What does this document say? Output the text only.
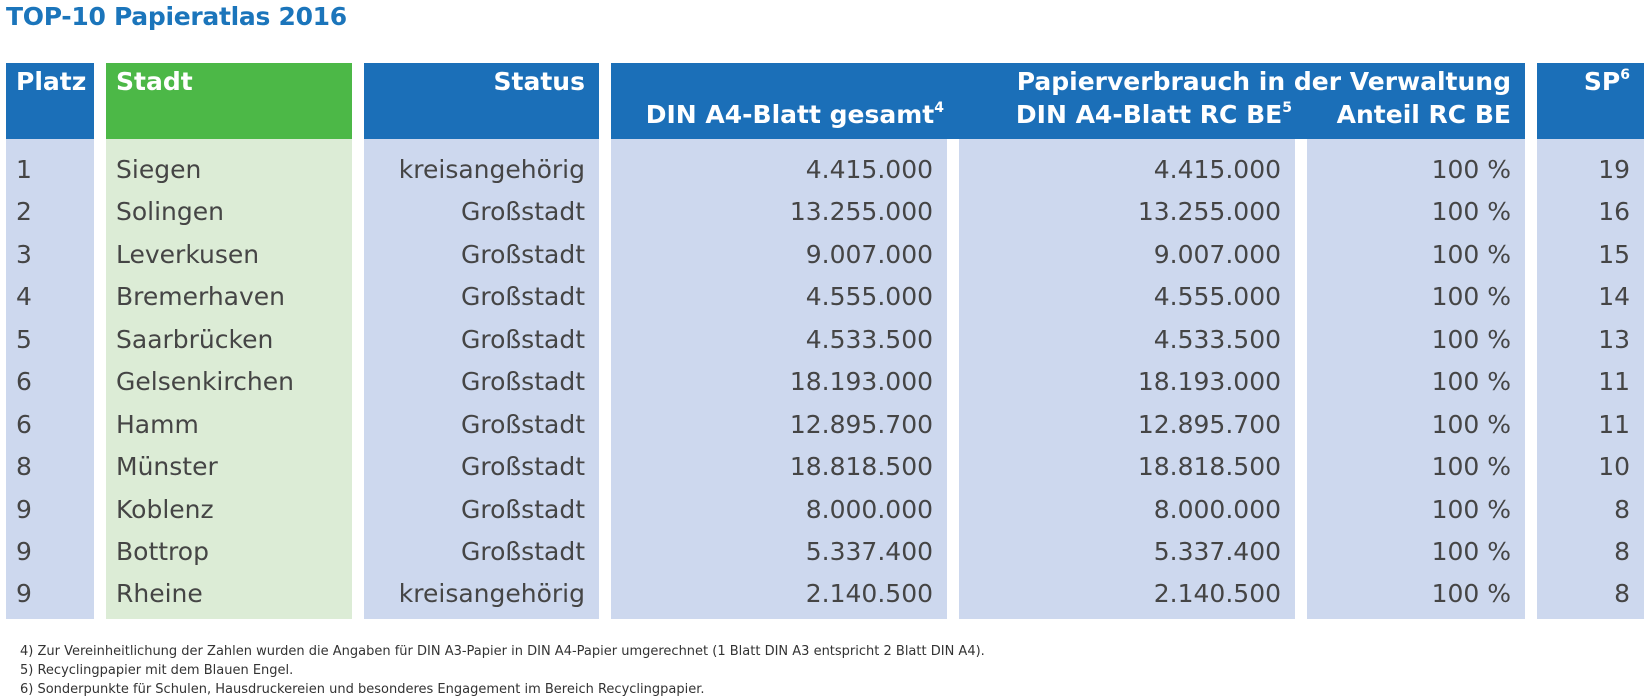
TOP-10 Papieratlas 2016
Platz
1
2
3
4
5
6
6
8
9
9
9
Stadt
Siegen
Solingen
Leverkusen
Bremerhaven
Saarbrücken
Gelsenkirchen
Hamm
Münster
Koblenz
Bottrop
Rheine
Status
kreisangehörig
Großstadt
Großstadt
Großstadt
Großstadt
Großstadt
Großstadt
Großstadt
Großstadt
Großstadt
kreisangehörig
4.415.000
13.255.000
9.007.000
4.555.000
4.533.500
18.193.000
12.895.700
18.818.500
8.000.000
5.337.400
2.140.500
4.415.000
13.255.000
9.007.000
4.555.000
4.533.500
18.193.000
12.895.700
18.818.500
8.000.000
5.337.400
2.140.500
100 %
100 %
100 %
100 %
100 %
100 %
100 %
100 %
100 %
100 %
100 %
Papierverbrauch in der Verwaltung
DIN A4-Blatt gesamt$^4$	DIN A4-Blatt RC BE$^5$ Anteil RC BE
SP$^6$
19
16
15
14
13
11
11
10
8
8
8
4) Zur Vereinheitlichung der Zahlen wurden die Angaben für DIN A3-Papier in DIN A4-Papier umgerechnet (1 Blatt DIN A3 entspricht 2 Blatt DIN A4).
5) Recyclingpapier mit dem Blauen Engel.
6) Sonderpunkte für Schulen, Hausdruckereien und besonderes Engagement im Bereich Recyclingpapier.
